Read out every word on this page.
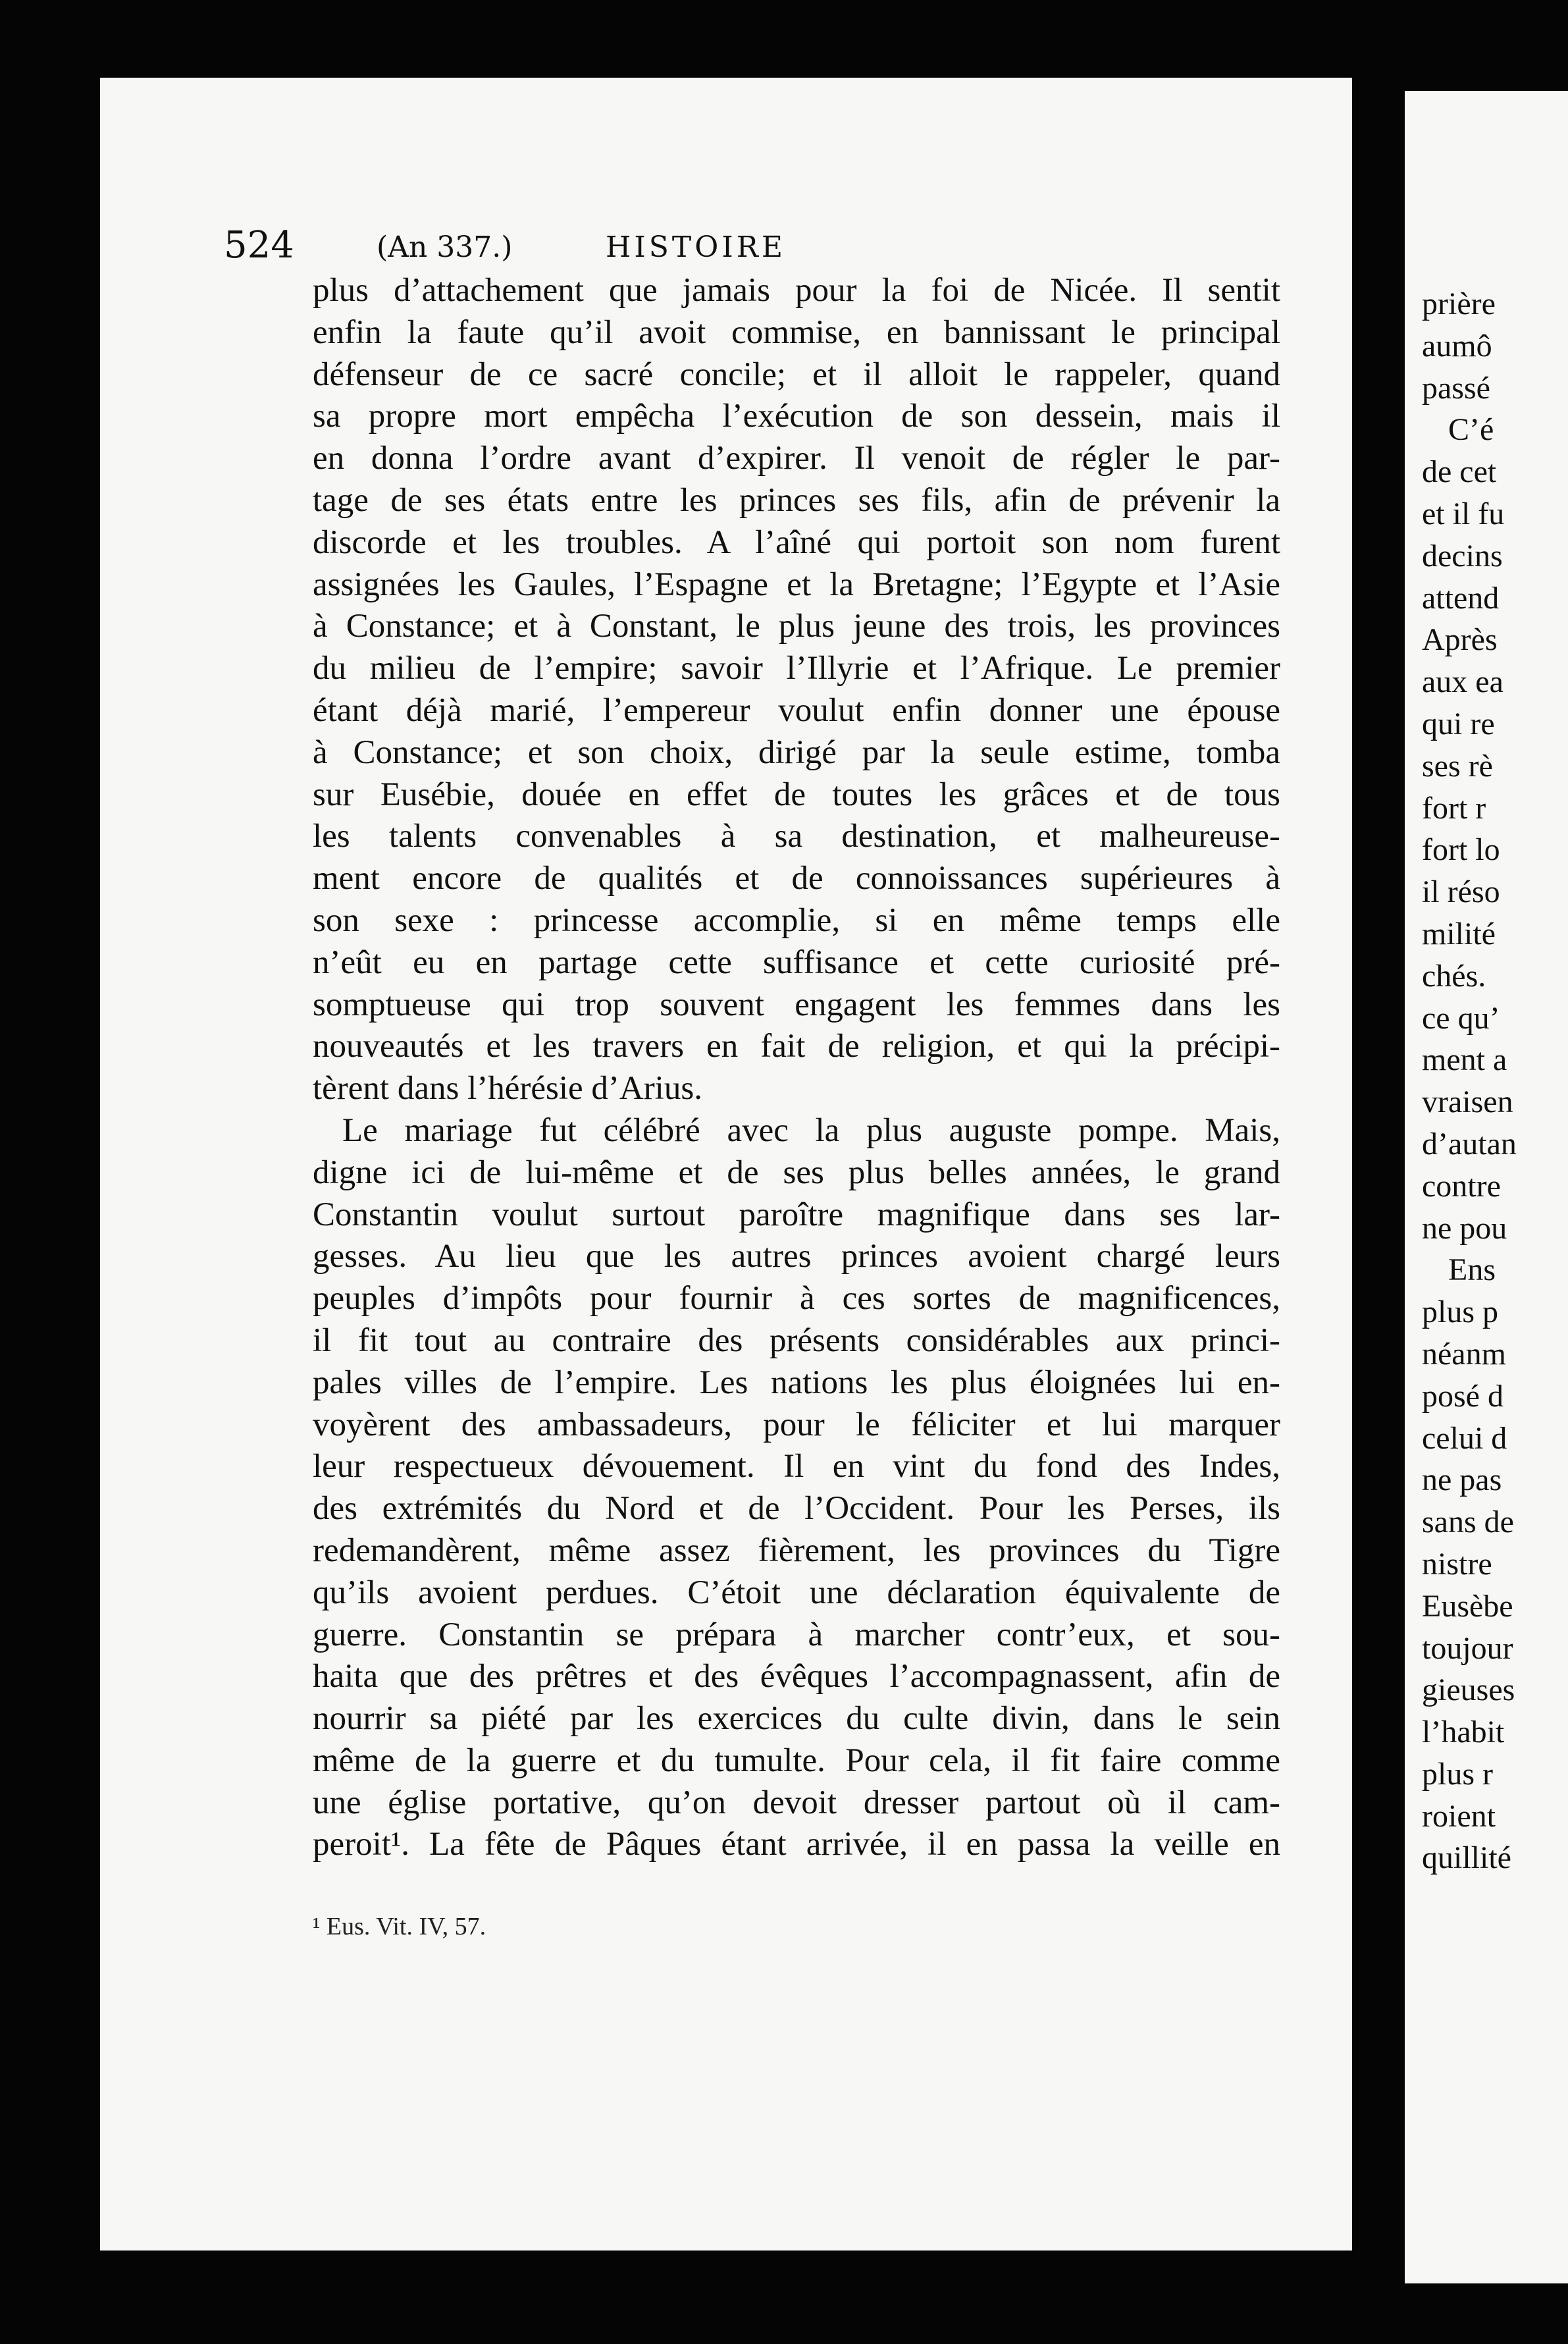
524	(An 337.)	HISTOIRE
plus d’attachement que jamais pour la foi de Nicée. Il sentit
enfin la faute qu’il avoit commise, en bannissant le principal
défenseur de ce sacré concile; et il alloit le rappeler, quand
sa propre mort empêcha l’exécution de son dessein, mais il
en donna l’ordre avant d’expirer. Il venoit de régler le par-
tage de ses états entre les princes ses fils, afin de prévenir la
discorde et les troubles. A l’aîné qui portoit son nom furent
assignées les Gaules, l’Espagne et la Bretagne; l’Egypte et l’Asie
à Constance; et à Constant, le plus jeune des trois, les provinces
du milieu de l’empire; savoir l’Illyrie et l’Afrique. Le premier
étant déjà marié, l’empereur voulut enfin donner une épouse
à Constance; et son choix, dirigé par la seule estime, tomba
sur Eusébie, douée en effet de toutes les grâces et de tous
les talents convenables à sa destination, et malheureuse-
ment encore de qualités et de connoissances supérieures à
son sexe : princesse accomplie, si en même temps elle
n’eût eu en partage cette suffisance et cette curiosité pré-
somptueuse qui trop souvent engagent les femmes dans les
nouveautés et les travers en fait de religion, et qui la précipi-
tèrent dans l’hérésie d’Arius.
Le mariage fut célébré avec la plus auguste pompe. Mais,
digne ici de lui-même et de ses plus belles années, le grand
Constantin voulut surtout paroître magnifique dans ses lar-
gesses. Au lieu que les autres princes avoient chargé leurs
peuples d’impôts pour fournir à ces sortes de magnificences,
il fit tout au contraire des présents considérables aux princi-
pales villes de l’empire. Les nations les plus éloignées lui en-
voyèrent des ambassadeurs, pour le féliciter et lui marquer
leur respectueux dévouement. Il en vint du fond des Indes,
des extrémités du Nord et de l’Occident. Pour les Perses, ils
redemandèrent, même assez fièrement, les provinces du Tigre
qu’ils avoient perdues. C’étoit une déclaration équivalente de
guerre. Constantin se prépara à marcher contr’eux, et sou-
haita que des prêtres et des évêques l’accompagnassent, afin de
nourrir sa piété par les exercices du culte divin, dans le sein
même de la guerre et du tumulte. Pour cela, il fit faire comme
une église portative, qu’on devoit dresser partout où il cam-
peroit¹. La fête de Pâques étant arrivée, il en passa la veille en
¹ Eus. Vit. IV, 57.
prière
aumô
passé
C’é
de cet
et il fu
decins
attend
Après
aux ea
qui re
ses rè
fort r
fort lo
il réso
milité
chés.
ce qu’
ment a
vraisen
d’autan
contre
ne pou
Ens
plus p
néanm
posé d
celui d
ne pas
sans de
nistre
Eusèbe
toujour
gieuses
l’habit
plus r
roient
quillité
